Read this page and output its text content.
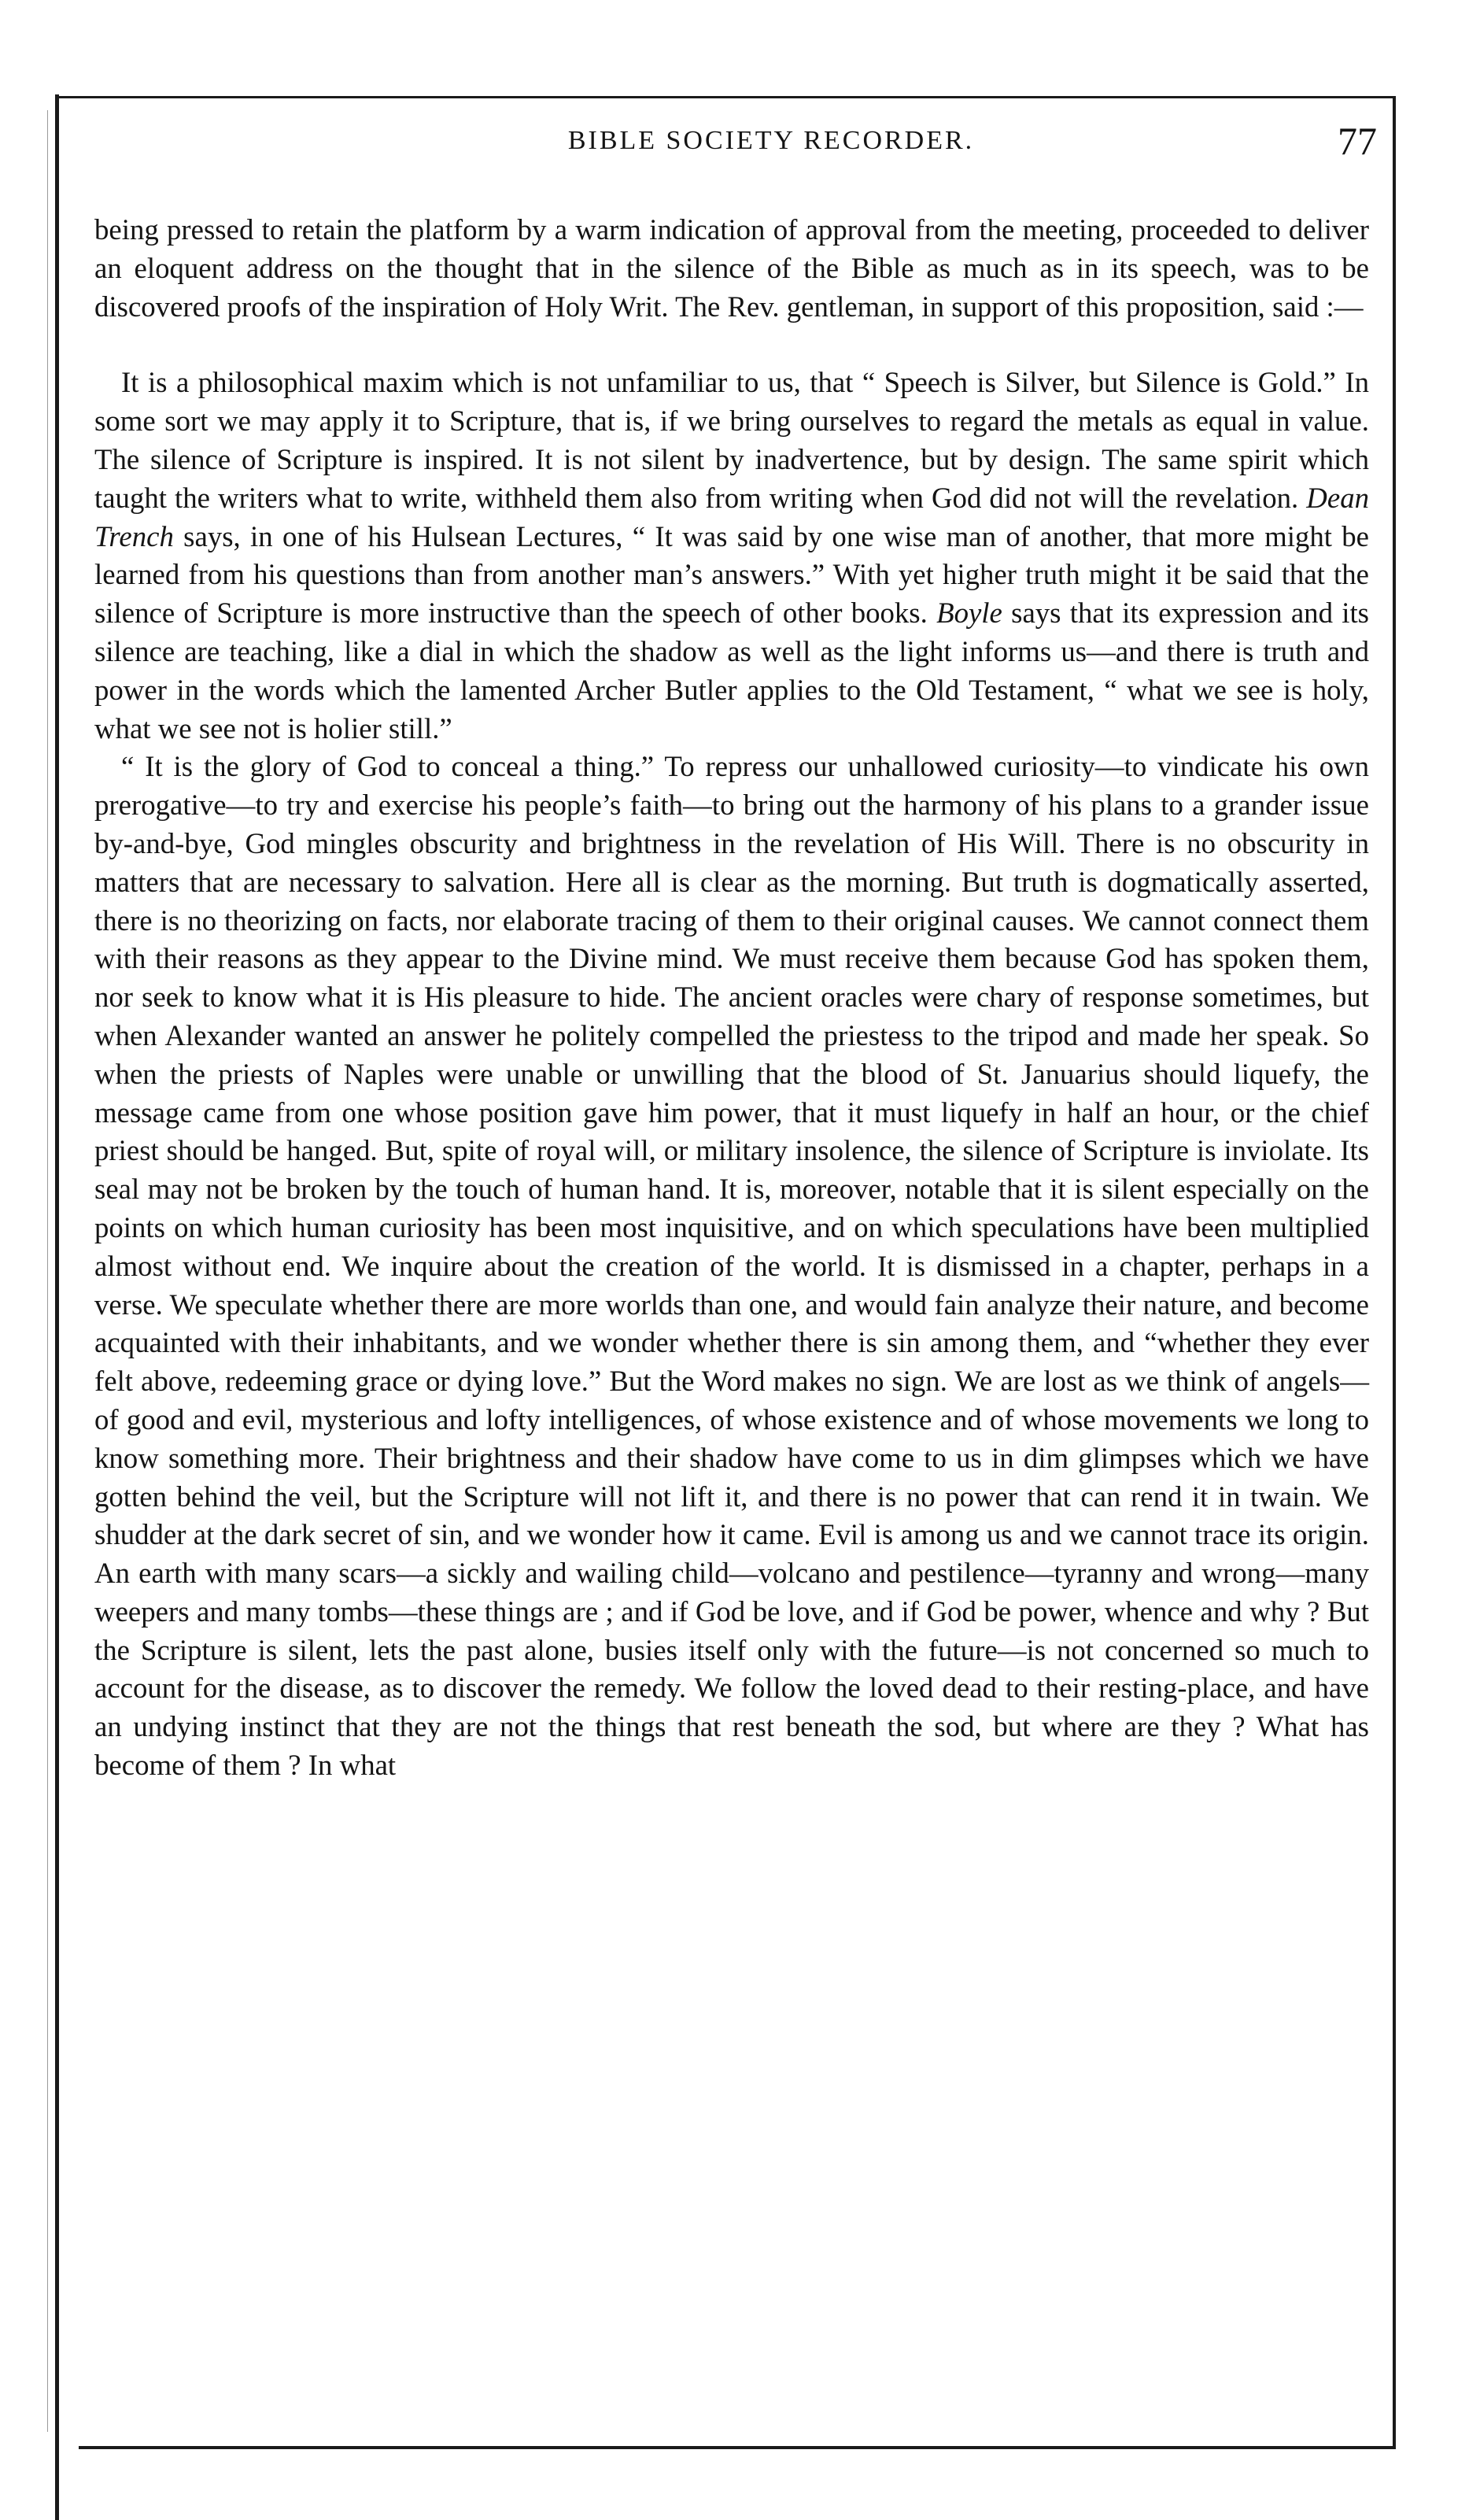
BIBLE SOCIETY RECORDER.	77

being pressed to retain the platform by a warm indication of approval from the meeting, proceeded to deliver an eloquent address on the thought that in the silence of the Bible as much as in its speech, was to be discovered proofs of the inspiration of Holy Writ. The Rev. gentleman, in support of this proposition, said :—

It is a philosophical maxim which is not unfamiliar to us, that “ Speech is Silver, but Silence is Gold.” In some sort we may apply it to Scripture, that is, if we bring ourselves to regard the metals as equal in value. The silence of Scripture is inspired. It is not silent by inadvertence, but by design. The same spirit which taught the writers what to write, withheld them also from writing when God did not will the revelation. Dean Trench says, in one of his Hulsean Lectures, “ It was said by one wise man of another, that more might be learned from his questions than from another man’s answers.” With yet higher truth might it be said that the silence of Scripture is more instructive than the speech of other books. Boyle says that its expression and its silence are teaching, like a dial in which the shadow as well as the light informs us—and there is truth and power in the words which the lamented Archer Butler applies to the Old Testament, “ what we see is holy, what we see not is holier still.”

“ It is the glory of God to conceal a thing.” To repress our unhallowed curiosity—to vindicate his own prerogative—to try and exercise his people’s faith—to bring out the harmony of his plans to a grander issue by-and-bye, God mingles obscurity and brightness in the revelation of His Will. There is no obscurity in matters that are necessary to salvation. Here all is clear as the morning. But truth is dogmatically asserted, there is no theorizing on facts, nor elaborate tracing of them to their original causes. We cannot connect them with their reasons as they appear to the Divine mind. We must receive them because God has spoken them, nor seek to know what it is His pleasure to hide. The ancient oracles were chary of response sometimes, but when Alexander wanted an answer he politely compelled the priestess to the tripod and made her speak. So when the priests of Naples were unable or unwilling that the blood of St. Januarius should liquefy, the message came from one whose position gave him power, that it must liquefy in half an hour, or the chief priest should be hanged. But, spite of royal will, or military insolence, the silence of Scripture is inviolate. Its seal may not be broken by the touch of human hand. It is, moreover, notable that it is silent especially on the points on which human curiosity has been most inquisitive, and on which speculations have been multiplied almost without end. We inquire about the creation of the world. It is dismissed in a chapter, perhaps in a verse. We speculate whether there are more worlds than one, and would fain analyze their nature, and become acquainted with their inhabitants, and we wonder whether there is sin among them, and “whether they ever felt above, redeeming grace or dying love.” But the Word makes no sign. We are lost as we think of angels—of good and evil, mysterious and lofty intelligences, of whose existence and of whose movements we long to know something more. Their brightness and their shadow have come to us in dim glimpses which we have gotten behind the veil, but the Scripture will not lift it, and there is no power that can rend it in twain. We shudder at the dark secret of sin, and we wonder how it came. Evil is among us and we cannot trace its origin. An earth with many scars—a sickly and wailing child—volcano and pestilence—tyranny and wrong—many weepers and many tombs—these things are ; and if God be love, and if God be power, whence and why ? But the Scripture is silent, lets the past alone, busies itself only with the future—is not concerned so much to account for the disease, as to discover the remedy. We follow the loved dead to their resting-place, and have an undying instinct that they are not the things that rest beneath the sod, but where are they ? What has become of them ? In what
